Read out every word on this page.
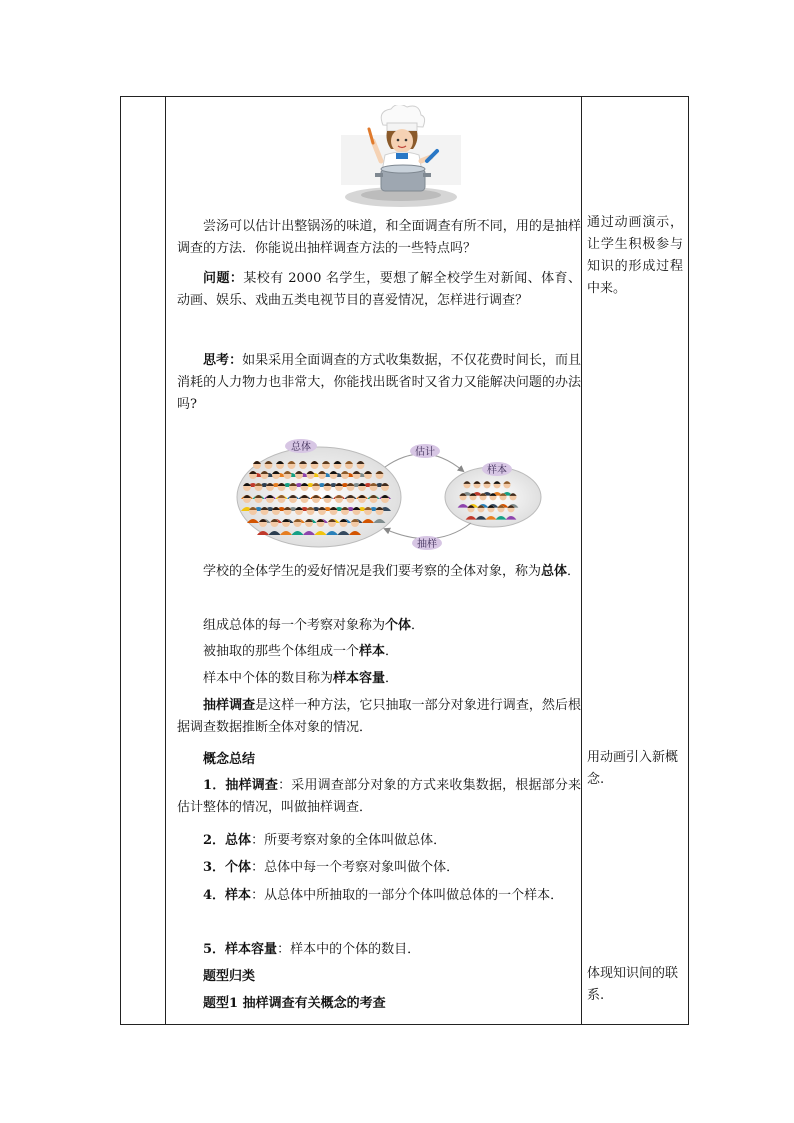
尝汤可以估计出整锅汤的味道，和全面调查有所不同，用的是抽样调查的方法．你能说出抽样调查方法的一些特点吗？

问题：某校有 2000 名学生，要想了解全校学生对新闻、体育、动画、娱乐、戏曲五类电视节目的喜爱情况，怎样进行调查？

思考：如果采用全面调查的方式收集数据，不仅花费时间长，而且消耗的人力物力也非常大，你能找出既省时又省力又能解决问题的办法吗?

总体	估计
样本
抽样

学校的全体学生的爱好情况是我们要考察的全体对象，称为总体．

组成总体的每一个考察对象称为个体．

被抽取的那些个体组成一个样本．

样本中个体的数目称为样本容量．

抽样调查是这样一种方法，它只抽取一部分对象进行调查，然后根据调查数据推断全体对象的情况．

概念总结

1．抽样调查：采用调查部分对象的方式来收集数据，根据部分来估计整体的情况，叫做抽样调查．

2．总体：所要考察对象的全体叫做总体．

3．个体：总体中每一个考察对象叫做个体．

4．样本：从总体中所抽取的一部分个体叫做总体的一个样本．

5．样本容量：样本中的个体的数目．

题型归类

题型1 抽样调查有关概念的考查

通过动画演示，让学生积极参与知识的形成过程中来。
用动画引入新概念.
体现知识间的联系.
